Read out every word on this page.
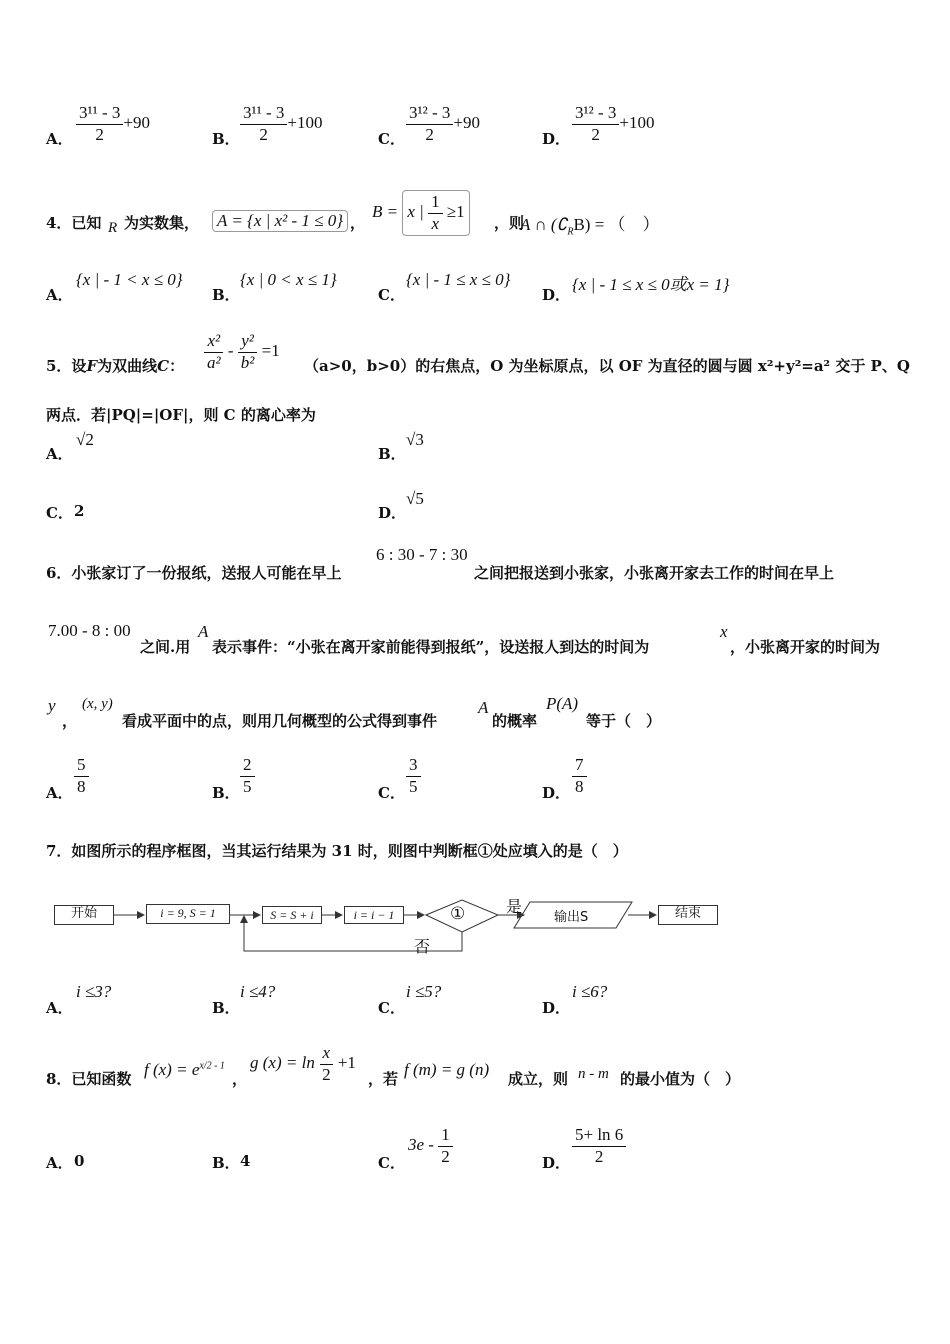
A． $\frac{\text{3¹¹ - 3}}{2} +90$
B． $\frac{\text{3¹¹ - 3}}{2} +100$
C． $\frac{\text{3¹² - 3}}{2} +90$
D． $\frac{\text{3¹² - 3}}{2} +100$
4．已知 R 为实数集， A = {x | x² - 1 ≤ 0} ，
B = x | $\frac{1}{x} \ge 1$
，则
A ∩ $(∁_RB)$ = （　）
A．
{x | - 1 < x ≤ 0}
B．
{x | 0 < x ≤ 1}
C．
{x | - 1 ≤ x ≤ 0}
D．
{x | - 1 ≤ x ≤ 0或x = 1}
5．设F为双曲线C： $\frac{\text{x²}}{\text{a²}} - \frac{\text{y²}}{\text{b²}} =1$
（a>0，b>0）的右焦点，O 为坐标原点，以 OF 为直径的圆与圆 x²+y²=a² 交于 P、Q
两点．若|PQ|=|OF|，则 C 的离心率为
A．
√2
B．
√3
C． 2	D．
√5
6．小张家订了一份报纸，送报人可能在早上
6 : 30 - 7 : 30
之间把报送到小张家，小张离开家去工作的时间在早上
7.00 - 8 : 00
之间.用
A
表示事件：“小张在离开家前能得到报纸”，设送报人到达的时间为
x
，小张离开家的时间为
y
，
(x, y)
看成平面中的点，则用几何概型的公式得到事件
A
的概率
P(A)
等于（　）
A． $\frac{5}{8}$	B． $\frac{2}{5}$	C． $\frac{3}{5}$	D． $\frac{7}{8}$
7．如图所示的程序框图，当其运行结果为 31 时，则图中判断框①处应填入的是（　）
开始	i = 9, S = 1	S = S + i	i = i − 1	①	是
否
输出S	结束
A．
i ≤3?
B．
i ≤4?
C．
i ≤5?
D．
i ≤6?
8．已知函数 f $(x) = e^{x/2 - 1}$
，
g $(x) = \ln \frac{x}{2} +1$
，若 f (m) = g (n) 成立，则 n - m 的最小值为（　）
A． 0	B． 4	C．
$3e - \frac{1}{2}$	D． $\frac{5+ \ln 6}{2}$
